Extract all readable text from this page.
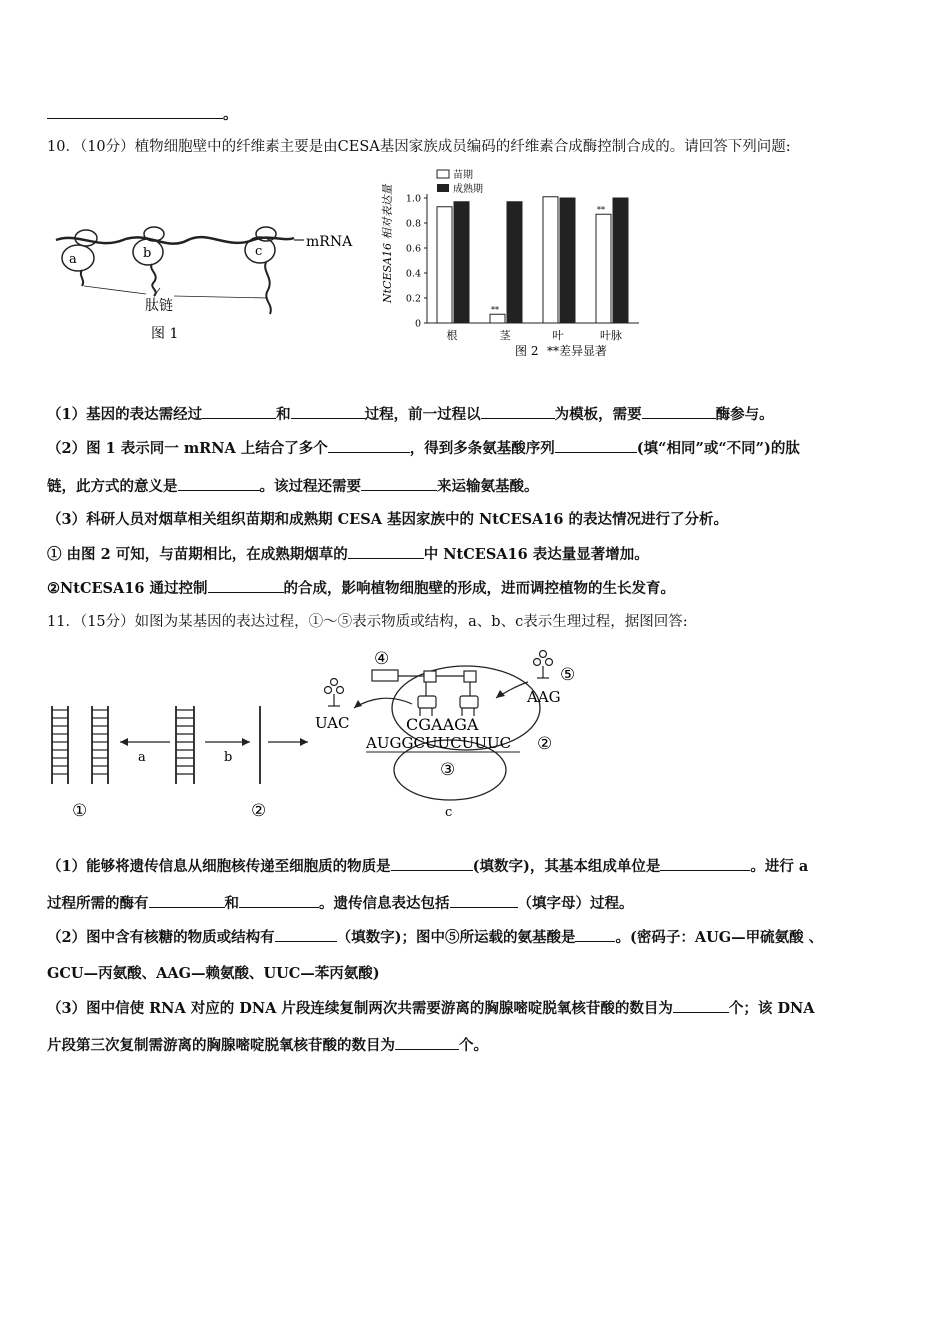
。
10．（10分）植物细胞壁中的纤维素主要是由CESA基因家族成员编码的纤维素合成酶控制合成的。请回答下列问题:
a	b	c
mRNA
肽链
图 1
NtCESA16 相对表达量
**
**
0
0.2
0.4
0.6
0.8
1.0
根	茎	叶	叶脉
苗期
成熟期
图 2 **差异显著
（1）基因的表达需经过	和	过程，前一过程以	为模板，需要	酶参与。
（2）图 1 表示同一 mRNA 上结合了多个	，得到多条氨基酸序列	(填“相同”或“不同”)的肽
链，此方式的意义是	。该过程还需要	来运输氨基酸。
（3）科研人员对烟草相关组织苗期和成熟期 CESA 基因家族中的 NtCESA16 的表达情况进行了分析。
① 由图 2 可知，与苗期相比，在成熟期烟草的	中 NtCESA16 表达量显著增加。
②NtCESA16 通过控制	的合成，影响植物细胞壁的形成，进而调控植物的生长发育。
11．（15分）如图为某基因的表达过程，①～⑤表示物质或结构，a、b、c表示生理过程，据图回答:
a	b
①	②
UAC
⑤
AAG
④
CGAAGA
AUGGCUUCUUUC ②
③
c
（1）能够将遗传信息从细胞核传递至细胞质的物质是	(填数字)，其基本组成单位是	。进行 a
过程所需的酶有	和	。遗传信息表达包括	（填字母）过程。
（2）图中含有核糖的物质或结构有	（填数字)；图中⑤所运载的氨基酸是	。(密码子：AUG—甲硫氨酸 、
GCU—丙氨酸、AAG—赖氨酸、UUC—苯丙氨酸)
（3）图中信使 RNA 对应的 DNA 片段连续复制两次共需要游离的胸腺嘧啶脱氧核苷酸的数目为	个；该 DNA
片段第三次复制需游离的胸腺嘧啶脱氧核苷酸的数目为	个。
